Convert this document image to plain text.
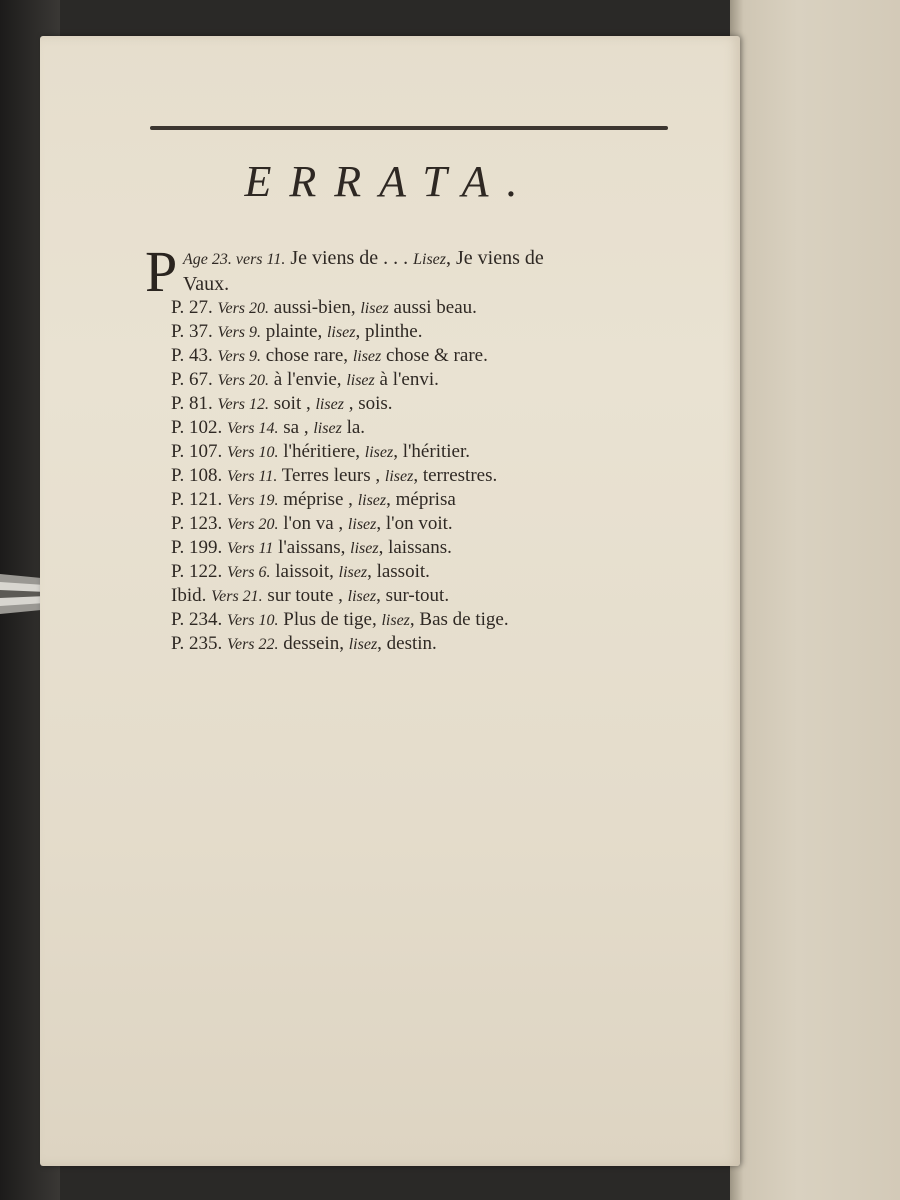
ERRATA.
P Age 23. vers 11. Je viens de . . . Lisez, Je viens de
Vaux.
P. 27. Vers 20. aussi-bien, lisez aussi beau.
P. 37. Vers 9. plainte, lisez, plinthe.
P. 43. Vers 9. chose rare, lisez chose & rare.
P. 67. Vers 20. à l'envie, lisez à l'envi.
P. 81. Vers 12. soit , lisez , sois.
P. 102. Vers 14. sa , lisez la.
P. 107. Vers 10. l'héritiere, lisez, l'héritier.
P. 108. Vers 11. Terres leurs , lisez, terrestres.
P. 121. Vers 19. méprise , lisez, méprisa
P. 123. Vers 20. l'on va , lisez, l'on voit.
P. 199. Vers 11 l'aissans, lisez, laissans.
P. 122. Vers 6. laissoit, lisez, lassoit.
Ibid. Vers 21. sur toute , lisez, sur-tout.
P. 234. Vers 10. Plus de tige, lisez, Bas de tige.
P. 235. Vers 22. dessein, lisez, destin.
